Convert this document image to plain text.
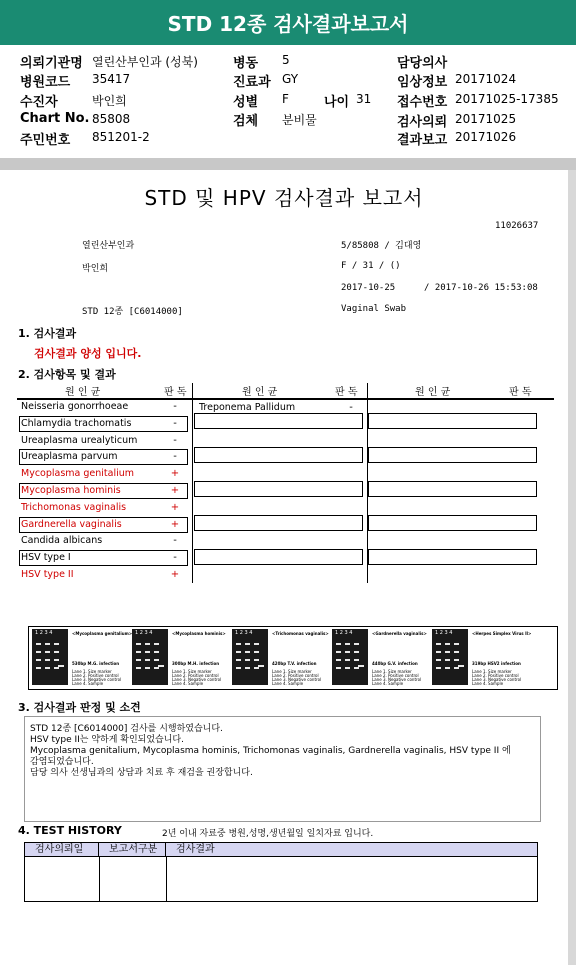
STD 12종 검사결과보고서
의뢰기관명 열린산부인과 (성북)	병동 5	담당의사
병원코드 35417	진료과 GY	임상정보 20171024
수진자	박인희	성별 F	나이 31 접수번호 20171025-17385
Chart No. 85808	검체 분비물	검사의뢰 20171025
주민번호 851201-2	결과보고 20171026
STD 및 HPV 검사결과 보고서
11026637
열린산부인과	5/85808 / 김대영
박인희	F / 31 / ()
2017-10-25	/ 2017-10-26 15:53:08
STD 12종 [C6014000]	Vaginal Swab
1. 검사결과
검사결과 양성 입니다.
2. 검사항목 및 결과
원 인 균	판 독	원 인 균	판 독	원 인 균	판 독
Neisseria gonorrhoeae	-
Chlamydia trachomatis	-
Ureaplasma urealyticum	-
Ureaplasma parvum	-
Mycoplasma genitalium	+
Mycoplasma hominis	+
Trichomonas vaginalis	+
Gardnerella vaginalis	+
Candida albicans	-
HSV type I	-
HSV type II	+
Treponema Pallidum	-
1 2 3 4	<Mycoplasma genitalium>
530bp M.G. infection
Lane 1. Size marker
Lane 2. Positive control
Lane 3. Negative control
Lane 4. Sample
1 2 3 4	<Mycoplasma hominis>
300bp M.H. infection
Lane 1. Size marker
Lane 2. Positive control
Lane 3. Negative control
Lane 4. Sample
1 2 3 4	<Trichomonas vaginalis>
420bp T.V. infection
Lane 1. Size marker
Lane 2. Positive control
Lane 3. Negative control
Lane 4. Sample
1 2 3 4	<Gardnerella vaginalis>
440bp G.V. infection
Lane 1. Size marker
Lane 2. Positive control
Lane 3. Negative control
Lane 4. Sample
1 2 3 4	<Herpes Simplex Virus II>
319bp HSV2 infection
Lane 1. Size marker
Lane 2. Positive control
Lane 3. Negative control
Lane 4. Sample
3. 검사결과 판정 및 소견
STD 12종 [C6014000] 검사를 시행하였습니다.
HSV type II는 약하게 확인되었습니다.
Mycoplasma genitalium, Mycoplasma hominis, Trichomonas vaginalis, Gardnerella vaginalis, HSV type II 에
감염되었습니다.
담당 의사 선생님과의 상담과 치료 후 재검을 권장합니다.
4. TEST HISTORY	2년 이내 자료중 병원,성명,생년월일 일치자료 입니다.
검사의뢰일	보고서구분	검사결과
